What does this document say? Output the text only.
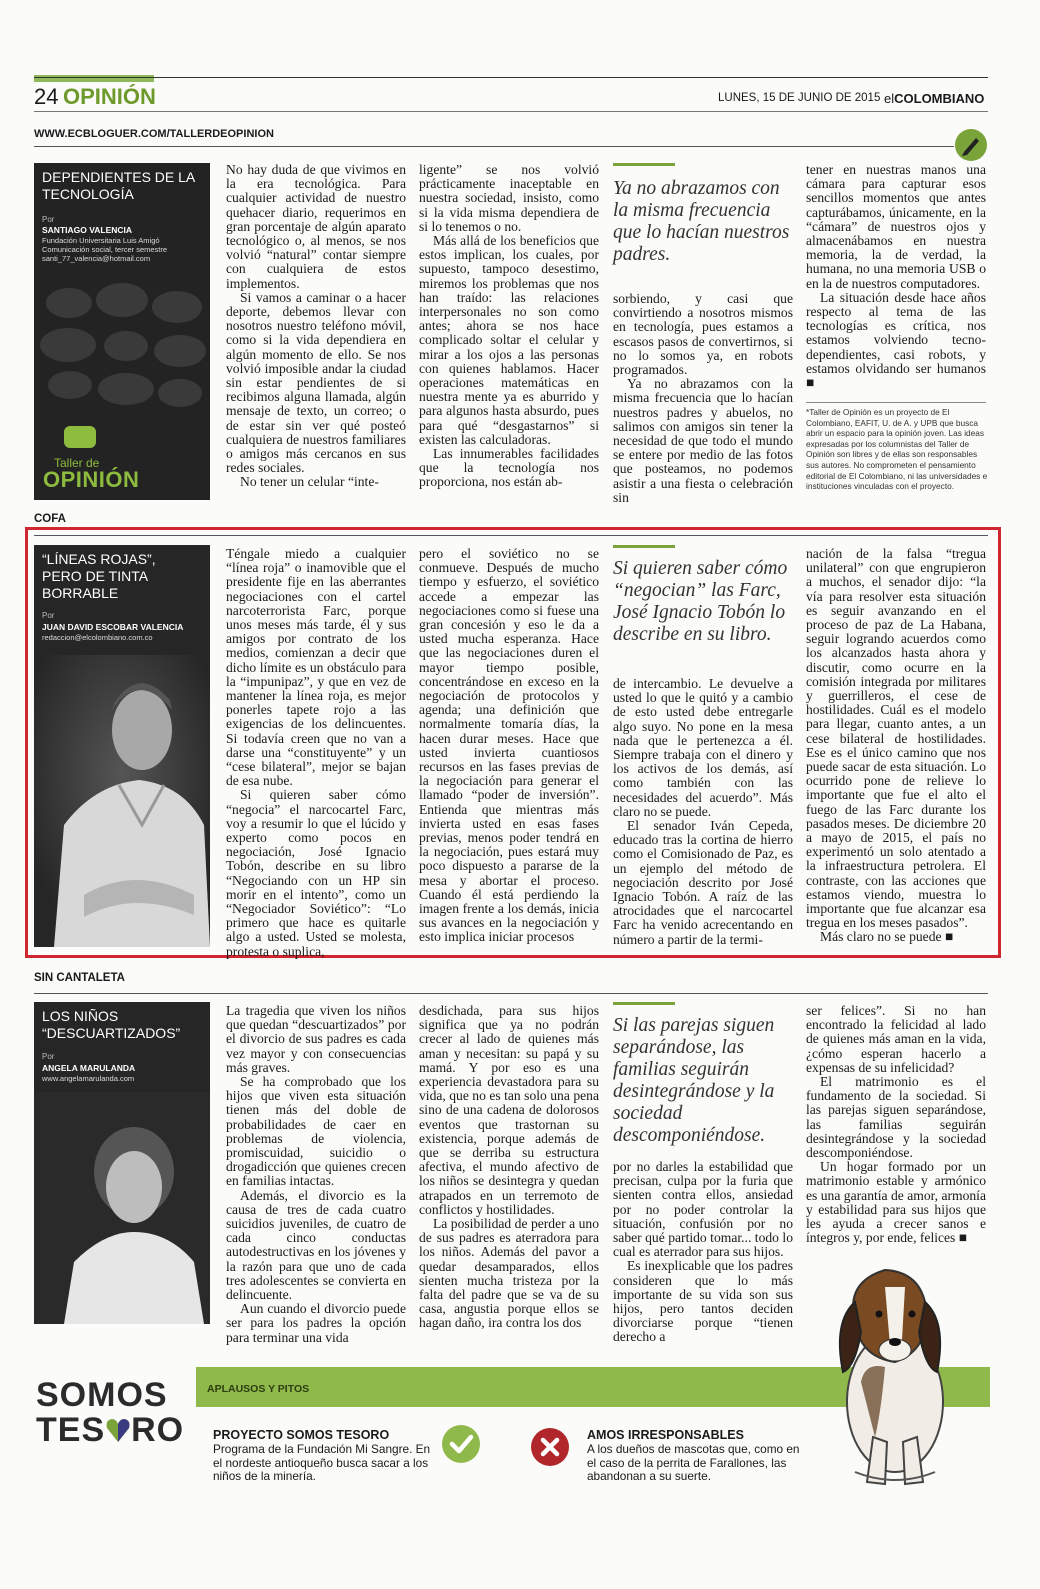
24 OPINIÓN	LUNES, 15 DE JUNIO DE 2015 elCOLOMBIANO
WWW.ECBLOGUER.COM/TALLERDEOPINION
DEPENDIENTES DE LA TECNOLOGÍA
Por
SANTIAGO VALENCIA
Fundación Universitaria Luis Amigó Comunicación social, tercer semestre santi_77_valencia@hotmail.com
Taller de
OPINIÓN

No hay duda de que vivimos en la era tecnológica. Para cualquier actividad de nuestro quehacer diario, requerimos en gran porcentaje de algún aparato tecnológico o, al menos, se nos volvió “natural” contar siempre con cualquiera de estos implementos.

Si vamos a caminar o a hacer deporte, debemos llevar con nosotros nuestro teléfono móvil, como si la vida dependiera en algún momento de ello. Se nos volvió imposible andar la ciudad sin estar pendientes de si recibimos alguna llamada, algún mensaje de texto, un correo; o de estar sin ver qué posteó cualquiera de nuestros familiares o amigos más cercanos en sus redes sociales.

No tener un celular “inte-

ligente” se nos volvió prácticamente inaceptable en nuestra sociedad, insisto, como si la vida misma dependiera de si lo tenemos o no.

Más allá de los beneficios que estos implican, los cuales, por supuesto, tampoco desestimo, miremos los problemas que nos han traído: las relaciones interpersonales no son como antes; ahora se nos hace complicado soltar el celular y mirar a los ojos a las personas con quienes hablamos. Hacer operaciones matemáticas en nuestra mente ya es aburrido y para algunos hasta absurdo, pues para qué “desgastarnos” si existen las calculadoras.

Las innumerables facilidades que la tecnología nos proporciona, nos están ab-

Ya no abrazamos con la misma frecuencia que lo hacían nuestros padres.

sorbiendo, y casi que convirtiendo a nosotros mismos en tecnología, pues estamos a escasos pasos de convertirnos, si no lo somos ya, en robots programados.

Ya no abrazamos con la misma frecuencia que lo hacían nuestros padres y abuelos, no salimos con amigos sin tener la necesidad de que todo el mundo se entere por medio de las fotos que posteamos, no podemos asistir a una fiesta o celebración sin

tener en nuestras manos una cámara para capturar esos sencillos momentos que antes capturábamos, únicamente, en la “cámara” de nuestros ojos y almacenábamos en nuestra memoria, la de verdad, la humana, no una memoria USB o en la de nuestros computadores.

La situación desde hace años respecto al tema de las tecnologías es crítica, nos estamos volviendo tecno-dependientes, casi robots, y estamos olvidando ser humanos ■

*Taller de Opinión es un proyecto de El Colombiano, EAFIT, U. de A. y UPB que busca abrir un espacio para la opinión joven. Las ideas expresadas por los columnistas del Taller de Opinión son libres y de ellas son responsables sus autores. No comprometen el pensamiento editorial de El Colombiano, ni las universidades e instituciones vinculadas con el proyecto.
COFA
“LÍNEAS ROJAS”, PERO DE TINTA BORRABLE
Por
JUAN DAVID ESCOBAR VALENCIA
redaccion@elcolombiano.com.co

Téngale miedo a cualquier “línea roja” o inamovible que el presidente fije en las aberrantes negociaciones con el cartel narcoterrorista Farc, porque unos meses más tarde, él y sus amigos por contrato de los medios, comienzan a decir que dicho límite es un obstáculo para la “impunipaz”, y que en vez de mantener la línea roja, es mejor ponerles tapete rojo a las exigencias de los delincuentes. Si todavía creen que no van a darse una “constituyente” y un “cese bilateral”, mejor se bajan de esa nube.

Si quieren saber cómo “negocia” el narcocartel Farc, voy a resumir lo que el lúcido y experto como pocos en negociación, José Ignacio Tobón, describe en su libro “Negociando con un HP sin morir en el intento”, como un “Negociador Soviético”: “Lo primero que hace es quitarle algo a usted. Usted se molesta, protesta o suplica,

pero el soviético no se conmueve. Después de mucho tiempo y esfuerzo, el soviético accede a empezar las negociaciones como si fuese una gran concesión y eso le da a usted mucha esperanza. Hace que las negociaciones duren el mayor tiempo posible, concentrándose en exceso en la negociación de protocolos y agenda; una definición que normalmente tomaría días, la hacen durar meses. Hace que usted invierta cuantiosos recursos en las fases previas de la negociación para generar el llamado “poder de inversión”. Entienda que mientras más invierta usted en esas fases previas, menos poder tendrá en la negociación, pues estará muy poco dispuesto a pararse de la mesa y abortar el proceso. Cuando él está perdiendo la imagen frente a los demás, inicia sus avances en la negociación y esto implica iniciar procesos

Si quieren saber cómo “negocian” las Farc, José Ignacio Tobón lo describe en su libro.

de intercambio. Le devuelve a usted lo que le quitó y a cambio de esto usted debe entregarle algo suyo. No pone en la mesa nada que le pertenezca a él. Siempre trabaja con el dinero y los activos de los demás, así como también con las necesidades del acuerdo”. Más claro no se puede.

El senador Iván Cepeda, educado tras la cortina de hierro como el Comisionado de Paz, es un ejemplo del método de negociación descrito por José Ignacio Tobón. A raíz de las atrocidades que el narcocartel Farc ha venido acrecentando en número a partir de la termi-

nación de la falsa “tregua unilateral” con que engrupieron a muchos, el senador dijo: “la vía para resolver esta situación es seguir avanzando en el proceso de paz de La Habana, seguir logrando acuerdos como los alcanzados hasta ahora y discutir, como ocurre en la comisión integrada por militares y guerrilleros, el cese de hostilidades. Cuál es el modelo para llegar, cuanto antes, a un cese bilateral de hostilidades. Ese es el único camino que nos puede sacar de esta situación. Lo ocurrido pone de relieve lo importante que fue el alto el fuego de las Farc durante los pasados meses. De diciembre 20 a mayo de 2015, el país no experimentó un solo atentado a la infraestructura petrolera. El contraste, con las acciones que estamos viendo, muestra lo importante que fue alcanzar esa tregua en los meses pasados”.

Más claro no se puede ■

SIN CANTALETA
LOS NIÑOS “DESCUARTIZADOS”
Por
ANGELA MARULANDA
www.angelamarulanda.com

La tragedia que viven los niños que quedan “descuartizados” por el divorcio de sus padres es cada vez mayor y con consecuencias más graves.

Se ha comprobado que los hijos que viven esta situación tienen más del doble de probabilidades de caer en problemas de violencia, promiscuidad, suicidio o drogadicción que quienes crecen en familias intactas.

Además, el divorcio es la causa de tres de cada cuatro suicidios juveniles, de cuatro de cada cinco conductas autodestructivas en los jóvenes y la razón para que uno de cada tres adolescentes se convierta en delincuente.

Aun cuando el divorcio puede ser para los padres la opción para terminar una vida

desdichada, para sus hijos significa que ya no podrán crecer al lado de quienes más aman y necesitan: su papá y su mamá. Y por eso es una experiencia devastadora para su vida, que no es tan solo una pena sino de una cadena de dolorosos eventos que trastornan su existencia, porque además de que se derriba su estructura afectiva, el mundo afectivo de los niños se desintegra y quedan atrapados en un terremoto de conflictos y hostilidades.

La posibilidad de perder a uno de sus padres es aterradora para los niños. Además del pavor a quedar desamparados, ellos sienten mucha tristeza por la falta del padre que se va de su casa, angustia porque ellos se hagan daño, ira contra los dos

Si las parejas siguen separándose, las familias seguirán desintegrándose y la sociedad descomponiéndose.

por no darles la estabilidad que precisan, culpa por la furia que sienten contra ellos, ansiedad por no poder controlar la situación, confusión por no saber qué partido tomar... todo lo cual es aterrador para sus hijos.

Es inexplicable que los padres consideren que lo más importante de su vida son sus hijos, pero tantos deciden divorciarse porque “tienen derecho a

ser felices”. Si no han encontrado la felicidad al lado de quienes más aman en la vida, ¿cómo esperan hacerlo a expensas de su infelicidad?

El matrimonio es el fundamento de la sociedad. Si las parejas siguen separándose, las familias seguirán desintegrándose y la sociedad descomponiéndose.

Un hogar formado por un matrimonio estable y armónico es una garantía de amor, armonía y estabilidad para sus hijos que les ayuda a crecer sanos e íntegros y, por ende, felices ■

SOMOS
TES RO
APLAUSOS Y PITOS
PROYECTO SOMOS TESORO
Programa de la Fundación Mi Sangre. En el nordeste antioqueño busca sacar a los niños de la minería.
AMOS IRRESPONSABLES
A los dueños de mascotas que, como en el caso de la perrita de Farallones, las abandonan a su suerte.
